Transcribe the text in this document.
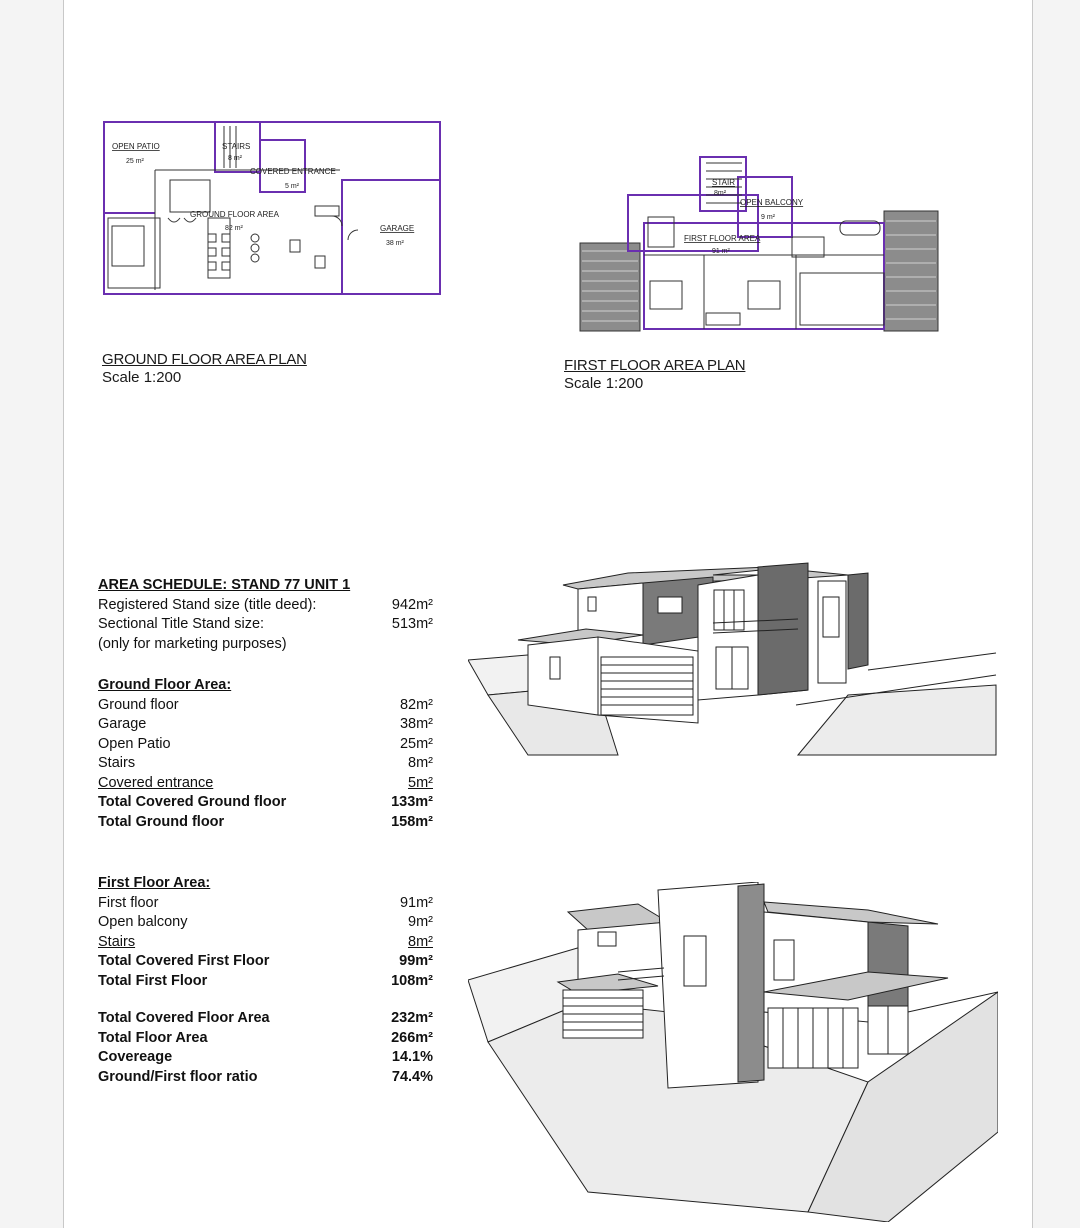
OPEN PATIO
25 m²
STAIRS
8 m²
COVERED ENTRANCE
5 m²
GROUND FLOOR AREA
82 m²	GARAGE
38 m²
GROUND FLOOR AREA PLAN
Scale 1:200
STAIR
8m²
OPEN BALCONY
9 m²
FIRST FLOOR AREA
91 m²
FIRST FLOOR AREA PLAN
Scale 1:200
AREA SCHEDULE: STAND 77 UNIT 1
Registered Stand size (title deed):	942m²
Sectional Title Stand size:	513m²
(only for marketing purposes)
Ground Floor Area:
Ground floor	82m²
Garage	38m²
Open Patio	25m²
Stairs	8m²
Covered entrance	5m²
Total Covered Ground floor	133m²
Total Ground floor	158m²
First Floor Area:
First floor	91m²
Open balcony	9m²
Stairs	8m²
Total Covered First Floor	99m²
Total First Floor	108m²
Total Covered Floor Area	232m²
Total Floor Area	266m²
Covereage	14.1%
Ground/First floor ratio	74.4%
